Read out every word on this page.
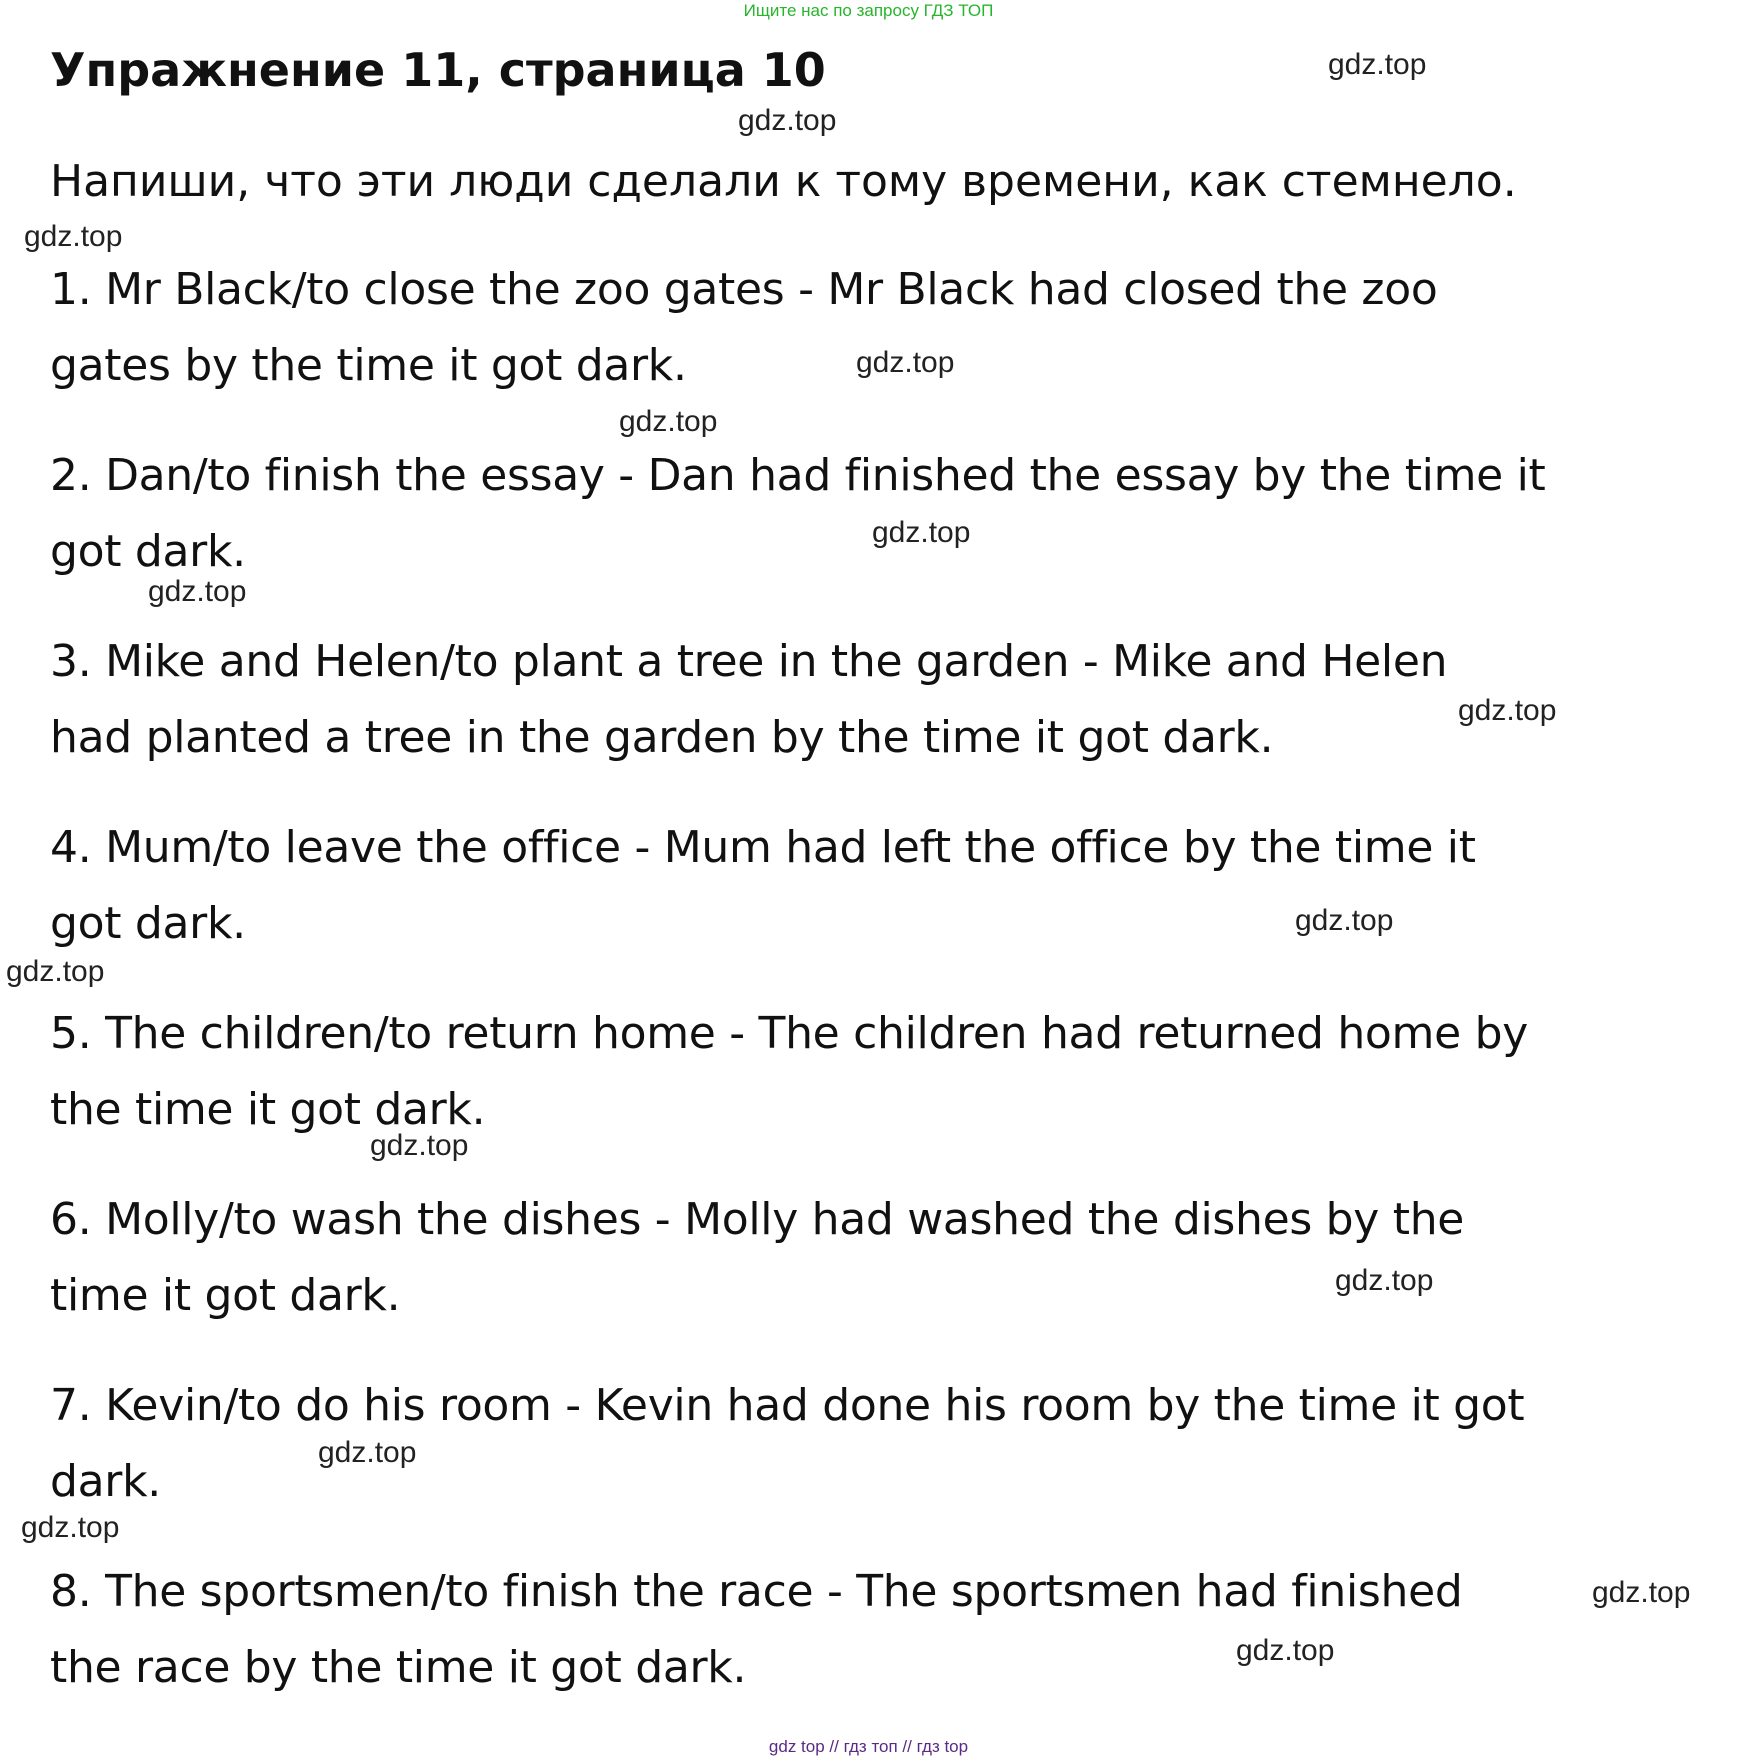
Ищите нас по запросу ГДЗ ТОП
Упражнение 11, страница 10
Напиши, что эти люди сделали к тому времени, как стемнело.
1. Mr Black/to close the zoo gates - Mr Black had closed the zoo
gates by the time it got dark.
2. Dan/to finish the essay - Dan had finished the essay by the time it
got dark.
3. Mike and Helen/to plant a tree in the garden - Mike and Helen
had planted a tree in the garden by the time it got dark.
4. Mum/to leave the office - Mum had left the office by the time it
got dark.
5. The children/to return home - The children had returned home by
the time it got dark.
6. Molly/to wash the dishes - Molly had washed the dishes by the
time it got dark.
7. Kevin/to do his room - Kevin had done his room by the time it got
dark.
8. The sportsmen/to finish the race - The sportsmen had finished
the race by the time it got dark.
gdz.top
gdz.top
gdz.top
gdz.top
gdz.top
gdz.top
gdz.top
gdz.top
gdz.top
gdz.top
gdz.top
gdz.top
gdz.top
gdz.top
gdz.top
gdz.top
gdz top // гдз топ // гдз top
